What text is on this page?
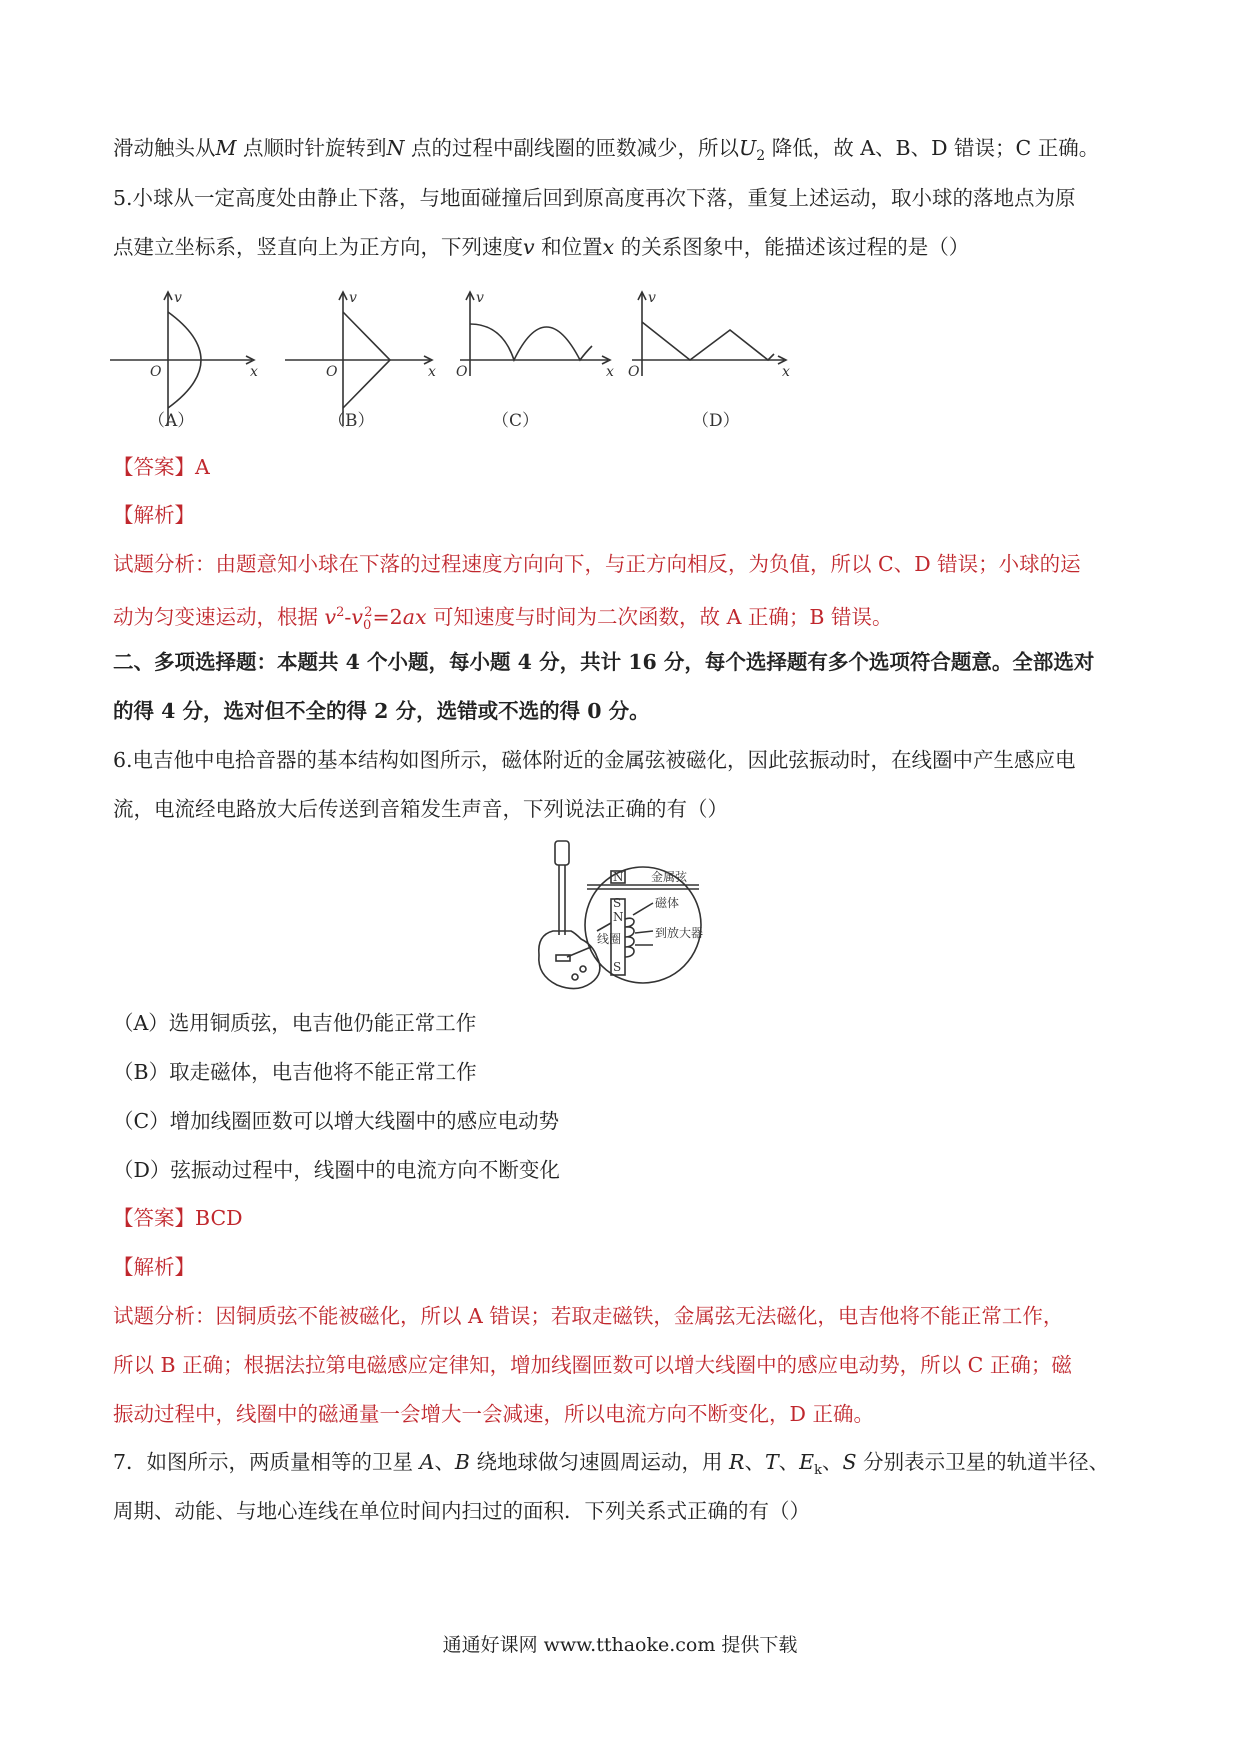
滑动触头从M 点顺时针旋转到N 点的过程中副线圈的匝数减少，所以$U_2$ 降低，故 A、B、D 错误；C 正确。
5.小球从一定高度处由静止下落，与地面碰撞后回到原高度再次下落，重复上述运动，取小球的落地点为原
点建立坐标系，竖直向上为正方向，下列速度v 和位置x 的关系图象中，能描述该过程的是（）
v
x
O
v
x
O
v
x
O
v
x
O
（A）	（B）	（C）	（D）
【答案】A
【解析】
试题分析：由题意知小球在下落的过程速度方向向下，与正方向相反，为负值，所以 C、D 错误；小球的运
动为匀变速运动，根据 $v^2-v_0^2=2ax$ 可知速度与时间为二次函数，故 A 正确；B 错误。
二、多项选择题：本题共 4 个小题，每小题 4 分，共计 16 分，每个选择题有多个选项符合题意。全部选对
的得 4 分，选对但不全的得 2 分，选错或不选的得 0 分。
6.电吉他中电拾音器的基本结构如图所示，磁体附近的金属弦被磁化，因此弦振动时，在线圈中产生感应电
流，电流经电路放大后传送到音箱发生声音，下列说法正确的有（）
N
S
N
S
金属弦
磁体
线圈	到放大器
（A）选用铜质弦，电吉他仍能正常工作
（B）取走磁体，电吉他将不能正常工作
（C）增加线圈匝数可以增大线圈中的感应电动势
（D）弦振动过程中，线圈中的电流方向不断变化
【答案】BCD
【解析】
试题分析：因铜质弦不能被磁化，所以 A 错误；若取走磁铁，金属弦无法磁化，电吉他将不能正常工作，
所以 B 正确；根据法拉第电磁感应定律知，增加线圈匝数可以增大线圈中的感应电动势，所以 C 正确；磁
振动过程中，线圈中的磁通量一会增大一会减速，所以电流方向不断变化，D 正确。
7．如图所示，两质量相等的卫星 A、B 绕地球做匀速圆周运动，用 R、T、$E_k$、S 分别表示卫星的轨道半径、
周期、动能、与地心连线在单位时间内扫过的面积．下列关系式正确的有（）
通通好课网 www.tthaoke.com 提供下载
